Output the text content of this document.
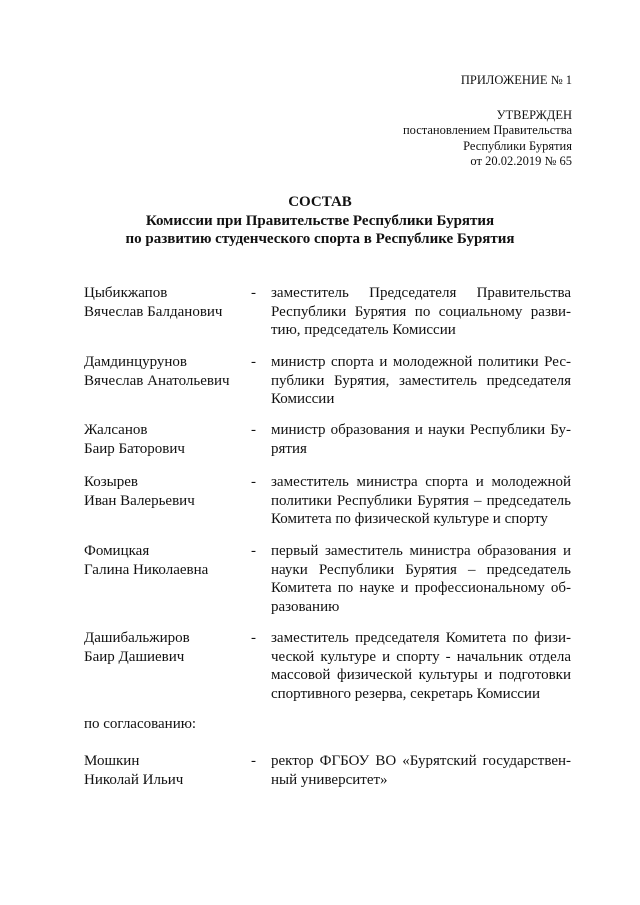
ПРИЛОЖЕНИЕ № 1
УТВЕРЖДЕН
постановлением Правительства
Республики Бурятия
от 20.02.2019 № 65
СОСТАВ
Комиссии при Правительстве Республики Бурятия
по развитию студенческого спорта в Республике Бурятия
Цыбикжапов
Вячеслав Балданович
- заместитель Председателя Правительства
Республики Бурятия по социальному разви-
тию, председатель Комиссии
Дамдинцурунов
Вячеслав Анатольевич
- министр спорта и молодежной политики Рес-
публики Бурятия, заместитель председателя
Комиссии
Жалсанов
Баир Баторович
- министр образования и науки Республики Бу-
рятия
Козырев
Иван Валерьевич
- заместитель министра спорта и молодежной
политики Республики Бурятия – председатель
Комитета по физической культуре и спорту
Фомицкая
Галина Николаевна
- первый заместитель министра образования и
науки Республики Бурятия – председатель
Комитета по науке и профессиональному об-
разованию
Дашибальжиров
Баир Дашиевич
- заместитель председателя Комитета по физи-
ческой культуре и спорту - начальник отдела
массовой физической культуры и подготовки
спортивного резерва, секретарь Комиссии
по согласованию:
Мошкин
Николай Ильич
- ректор ФГБОУ ВО «Бурятский государствен-
ный университет»
